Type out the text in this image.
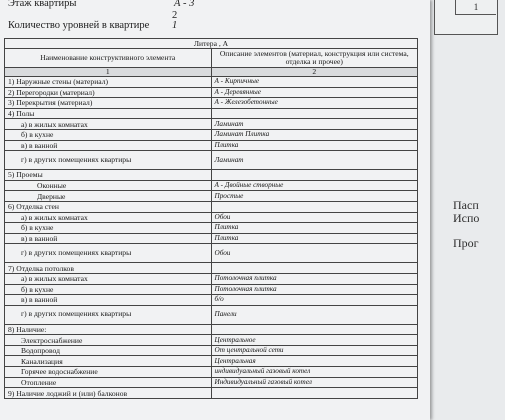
1
Пасп
Испо
Прог
Этаж квартиры	А - 3
2
Количество уровней в квартире 1
Литера , А	
Наименование конструктивного элемента	Описание элементов (материал, конструкция или система, отделка и прочее)
1	2
1) Наружные стены (материал)	А - Кирпичные
2) Перегородки (материал)	А - Деревянные
3) Перекрытия (материал)	А - Железобетонные
4) Полы	
а) в жилых комнатах	Ламинат
б) в кухне	Ламинат Плитка
в) в ванной	Плитка
г) в других помещениях квартиры	Ламинат
5) Проемы	
Оконные	А - Двойные створные
Дверные	Простые
6) Отделка стен	
а) в жилых комнатах	Обои
б) в кухне	Плитка
в) в ванной	Плитка
г) в других помещениях квартиры	Обои
7) Отделка потолков	
а) в жилых комнатах	Потолочная плитка
б) в кухне	Потолочная плитка
в) в ванной	б/о
г) в других помещениях квартиры	Панели
8) Наличие:	
Электроснабжение	Центральное
Водопровод	От центральной сети
Канализация	Центральная
Горячее водоснабжение	индивидуальный газовый котел
Отопление	Индивидуальный газовый котел
9) Наличие лоджий и (или) балконов	
